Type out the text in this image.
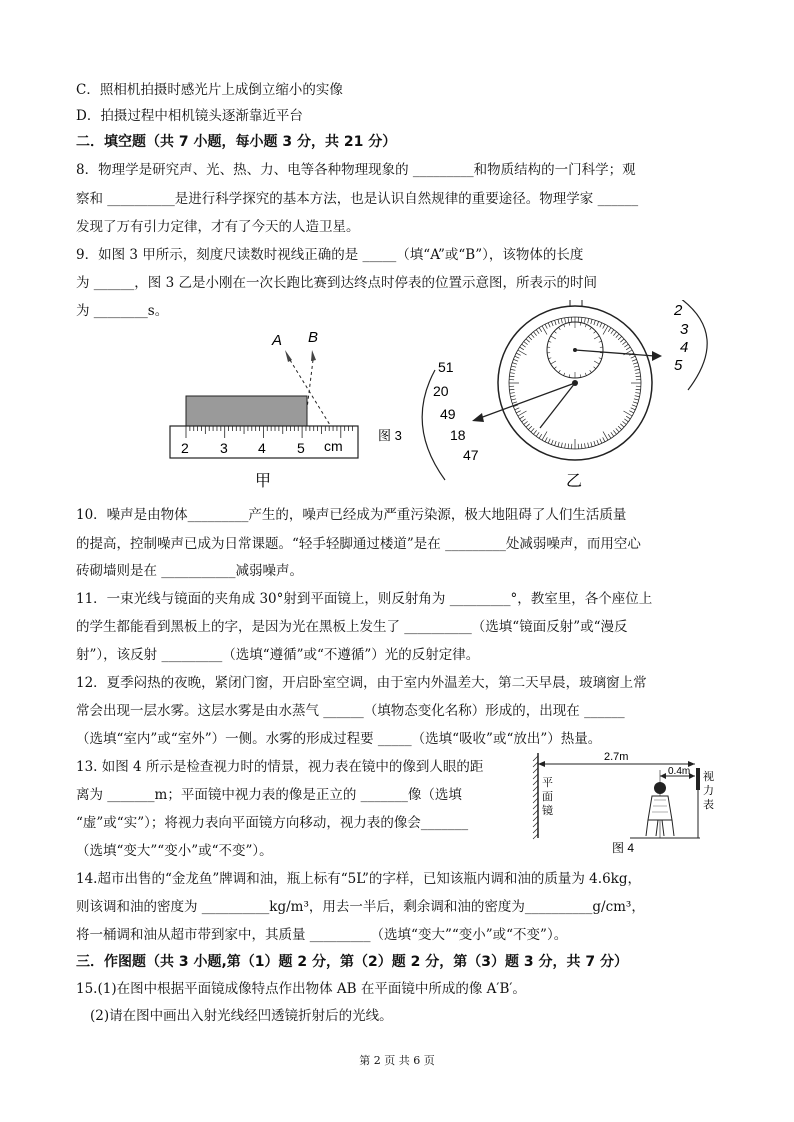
C．照相机拍摄时感光片上成倒立缩小的实像
D．拍摄过程中相机镜头逐渐靠近平台
二．填空题（共 7 小题，每小题 3 分，共 21 分）
8．物理学是研究声、光、热、力、电等各种物理现象的 _________和物质结构的一门科学；观
察和 __________是进行科学探究的基本方法，也是认识自然规律的重要途径。物理学家 ______
发现了万有引力定律，才有了今天的人造卫星。
9．如图 3 甲所示，刻度尺读数时视线正确的是 _____（填“A”或“B”），该物体的长度
为 ______，图 3 乙是小刚在一次长跑比赛到达终点时停表的位置示意图，所表示的时间
为 ________s。
A B
2 3 4 5 cm
甲
图 3
51
20
49
18
47
2
3
4
5
乙
10．噪声是由物体_________产生的，噪声已经成为严重污染源，极大地阻碍了人们生活质量
的提高，控制噪声已成为日常课题。“轻手轻脚通过楼道”是在 _________处减弱噪声，而用空心
砖砌墙则是在 ___________减弱噪声。
11．一束光线与镜面的夹角成 30°射到平面镜上，则反射角为 _________°，教室里，各个座位上
的学生都能看到黑板上的字，是因为光在黑板上发生了 __________（选填“镜面反射”或“漫反
射”），该反射 _________（选填“遵循”或“不遵循”）光的反射定律。
12．夏季闷热的夜晚，紧闭门窗，开启卧室空调，由于室内外温差大，第二天早晨，玻璃窗上常
常会出现一层水雾。这层水雾是由水蒸气 ______（填物态变化名称）形成的，出现在 ______
（选填“室内”或“室外”）一侧。水雾的形成过程要 _____（选填“吸收”或“放出”）热量。
13. 如图 4 所示是检查视力时的情景，视力表在镜中的像到人眼的距
离为 _______m；平面镜中视力表的像是正立的 _______像（选填
“虚”或“实”）；将视力表向平面镜方向移动，视力表的像会_______
（选填“变大”“变小”或“不变”）。
平
面
镜
2.7m
0.4m 视
力
表
图 4
14.超市出售的“金龙鱼”牌调和油，瓶上标有“5L”的字样，已知该瓶内调和油的质量为 4.6kg，
则该调和油的密度为 __________kg/m³，用去一半后，剩余调和油的密度为__________g/cm³，
将一桶调和油从超市带到家中，其质量 _________（选填“变大”“变小”或“不变”）。
三．作图题（共 3 小题,第（1）题 2 分，第（2）题 2 分，第（3）题 3 分，共 7 分）
15.(1)在图中根据平面镜成像特点作出物体 AB 在平面镜中所成的像 A′B′。
(2)请在图中画出入射光线经凹透镜折射后的光线。
第 2 页 共 6 页
